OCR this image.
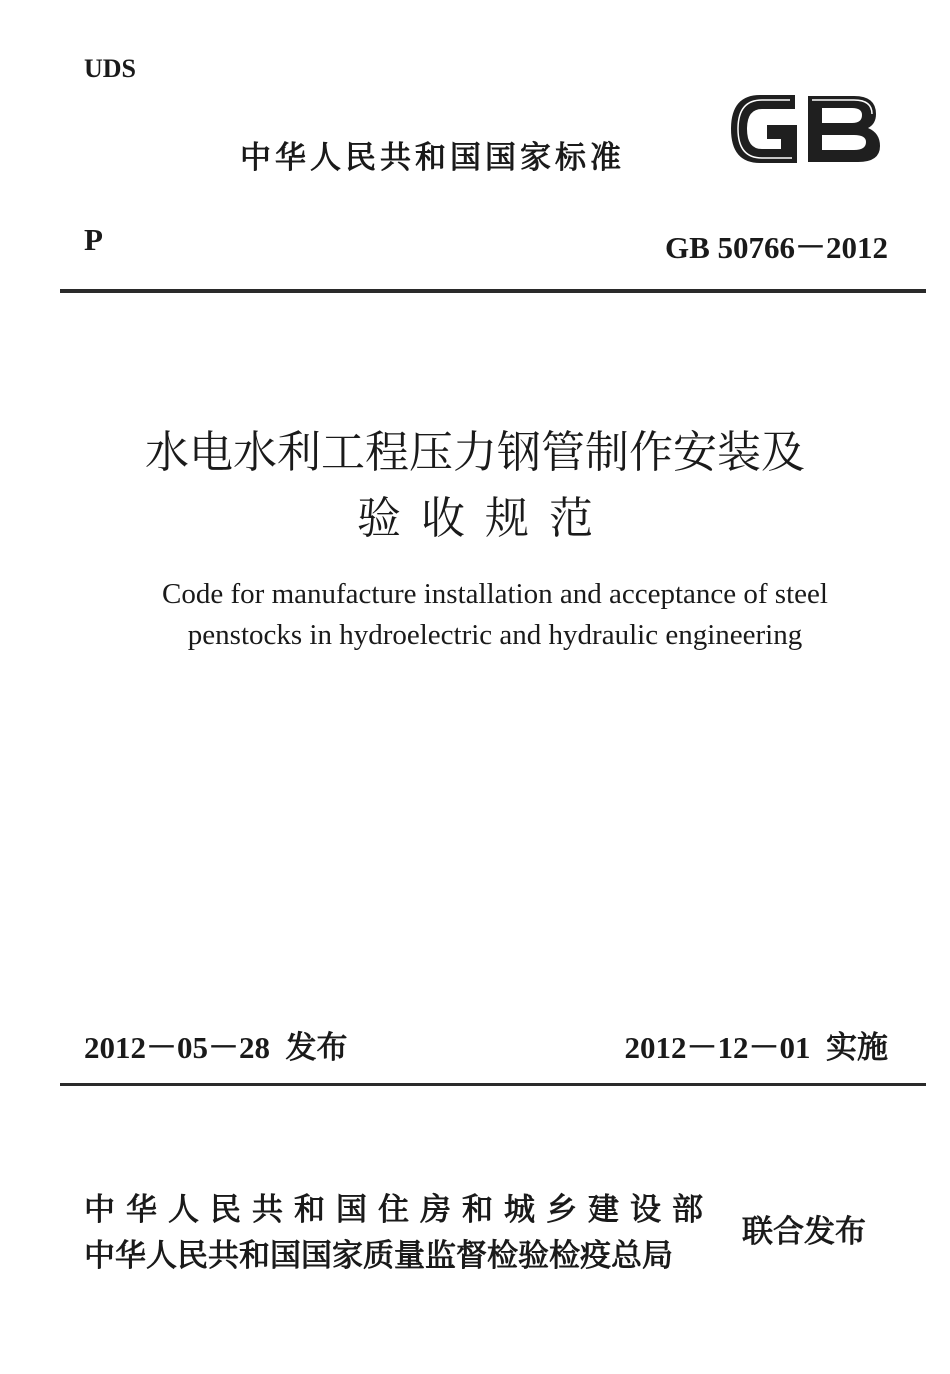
UDS
中华人民共和国国家标准
P	GB 50766－2012
水电水利工程压力钢管制作安装及
验收规范
Code for manufacture installation and acceptance of steel
penstocks in hydroelectric and hydraulic engineering
2012－05－28  发布	2012－12－01  实施
中华人民共和国住房和城乡建设部
中华人民共和国国家质量监督检验检疫总局
联合发布
